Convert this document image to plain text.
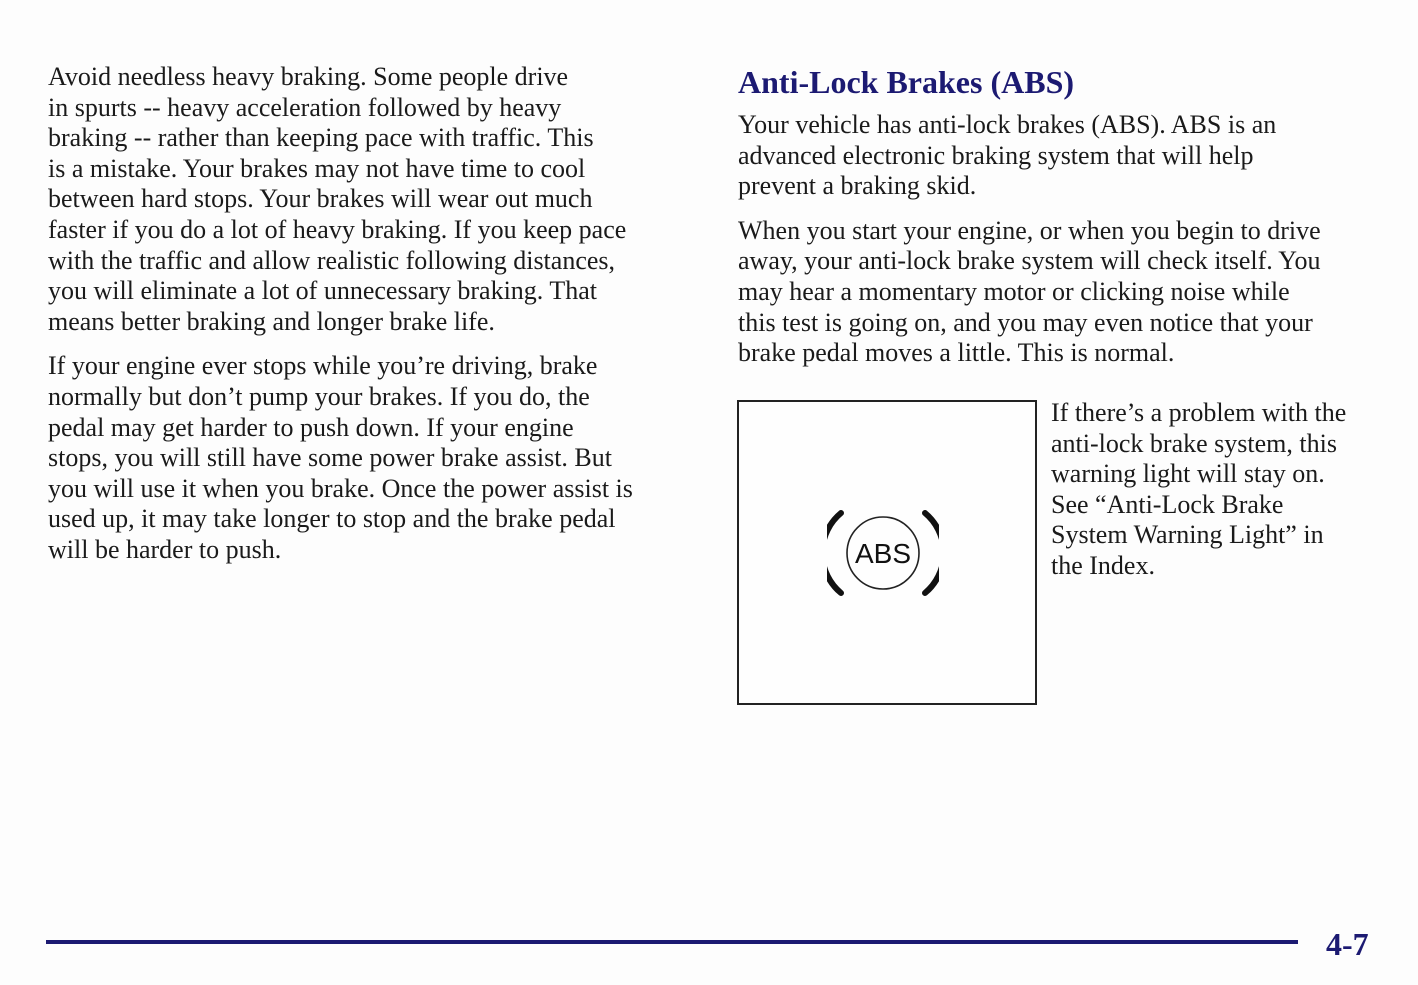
Avoid needless heavy braking. Some people drive
in spurts -- heavy acceleration followed by heavy
braking -- rather than keeping pace with traffic. This
is a mistake. Your brakes may not have time to cool
between hard stops. Your brakes will wear out much
faster if you do a lot of heavy braking. If you keep pace
with the traffic and allow realistic following distances,
you will eliminate a lot of unnecessary braking. That
means better braking and longer brake life.

If your engine ever stops while you’re driving, brake
normally but don’t pump your brakes. If you do, the
pedal may get harder to push down. If your engine
stops, you will still have some power brake assist. But
you will use it when you brake. Once the power assist is
used up, it may take longer to stop and the brake pedal
will be harder to push.

Anti-Lock Brakes (ABS)

Your vehicle has anti-lock brakes (ABS). ABS is an
advanced electronic braking system that will help
prevent a braking skid.

When you start your engine, or when you begin to drive
away, your anti-lock brake system will check itself. You
may hear a momentary motor or clicking noise while
this test is going on, and you may even notice that your
brake pedal moves a little. This is normal.

ABS
If there’s a problem with the
anti-lock brake system, this
warning light will stay on.
See “Anti-Lock Brake
System Warning Light” in
the Index.
4-7
